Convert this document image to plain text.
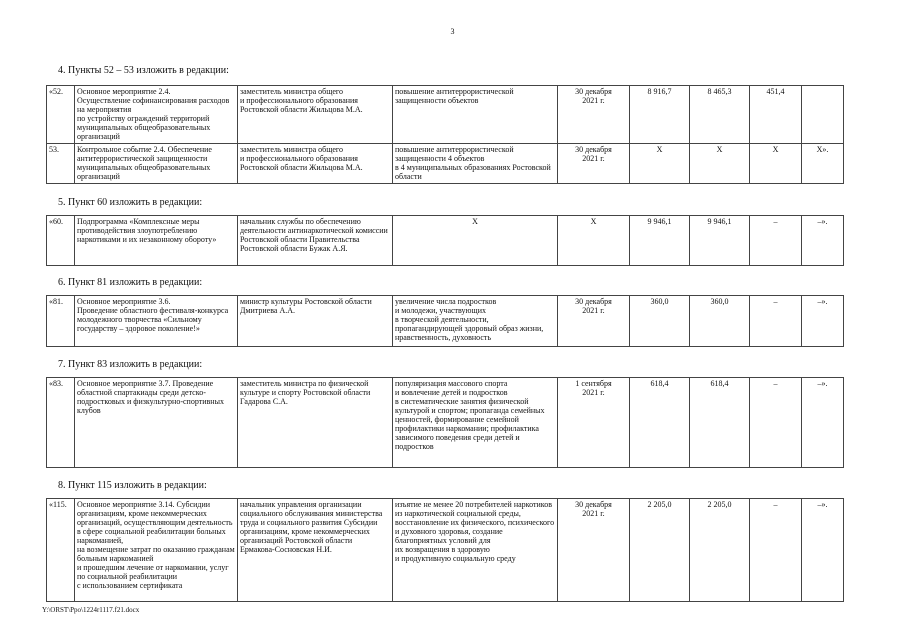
3
4. Пункты 52 – 53 изложить в редакции:
«52.	Основное мероприятие 2.4.
Осуществление софинансирования расходов на мероприятия
по устройству ограждений территорий муниципальных общеобразовательных организаций	заместитель министра общего
и профессионального образования Ростовской области Жильцова М.А.	повышение антитеррористической защищенности объектов	30 декабря
2021 г.	8 916,7	8 465,3	451,4	
53.	Контрольное событие 2.4. Обеспечение антитеррористической защищенности муниципальных общеобразовательных организаций	заместитель министра общего
и профессионального образования Ростовской области Жильцова М.А.	повышение антитеррористической защищенности 4 объектов
в 4 муниципальных образованиях Ростовской области	30 декабря
2021 г.	Х	Х	Х	Х».
5. Пункт 60 изложить в редакции:
«60.	Подпрограмма «Комплексные меры противодействия злоупотреблению наркотиками и их незаконному обороту»	начальник службы по обеспечению деятельности антинаркотической комиссии Ростовской области Правительства Ростовской области Бужак А.Я.	Х	Х	9 946,1	9 946,1	–	–».
6. Пункт 81 изложить в редакции:
«81.	Основное мероприятие 3.6.
Проведение областного фестиваля-конкурса молодежного творчества «Сильному государству – здоровое поколение!»	министр культуры Ростовской области Дмитриева А.А.	увеличение числа подростков
и молодежи, участвующих
в творческой деятельности, пропагандирующей здоровый образ жизни, нравственность, духовность	30 декабря
2021 г.	360,0	360,0	–	–».
7. Пункт 83 изложить в редакции:
«83.	Основное мероприятие 3.7. Проведение областной спартакиады среди детско-подростковых и физкультурно-спортивных клубов	заместитель министра по физической культуре и спорту Ростовской области Гадарова С.А.	популяризация массового спорта
и вовлечение детей и подростков
в систематические занятия физической культурой и спортом; пропаганда семейных ценностей, формирование семейной профилактики наркомании; профилактика зависимого поведения среди детей и подростков	1 сентября
2021 г.	618,4	618,4	–	–».
8. Пункт 115 изложить в редакции:
«115.	Основное мероприятие 3.14. Субсидии организациям, кроме некоммерческих организаций, осуществляющим деятельность в сфере социальной реабилитации больных наркоманией,
на возмещение затрат по оказанию гражданам больным наркоманией
и прошедшим лечение от наркомании, услуг по социальной реабилитации
с использованием сертификата	начальник управления организации социального обслуживания министерства труда и социального развития Субсидии организациям, кроме некоммерческих организаций Ростовской области
Ермакова-Сосновская Н.И.	изъятие не менее 20 потребителей наркотиков из наркотической социальной среды, восстановление их физического, психического
и духовного здоровья, создание благоприятных условий для
их возвращения в здоровую
и продуктивную социальную среду	30 декабря
2021 г.	2 205,0	2 205,0	–	–».
Y:\ORST\Ppo\1224r1117.f21.docx
